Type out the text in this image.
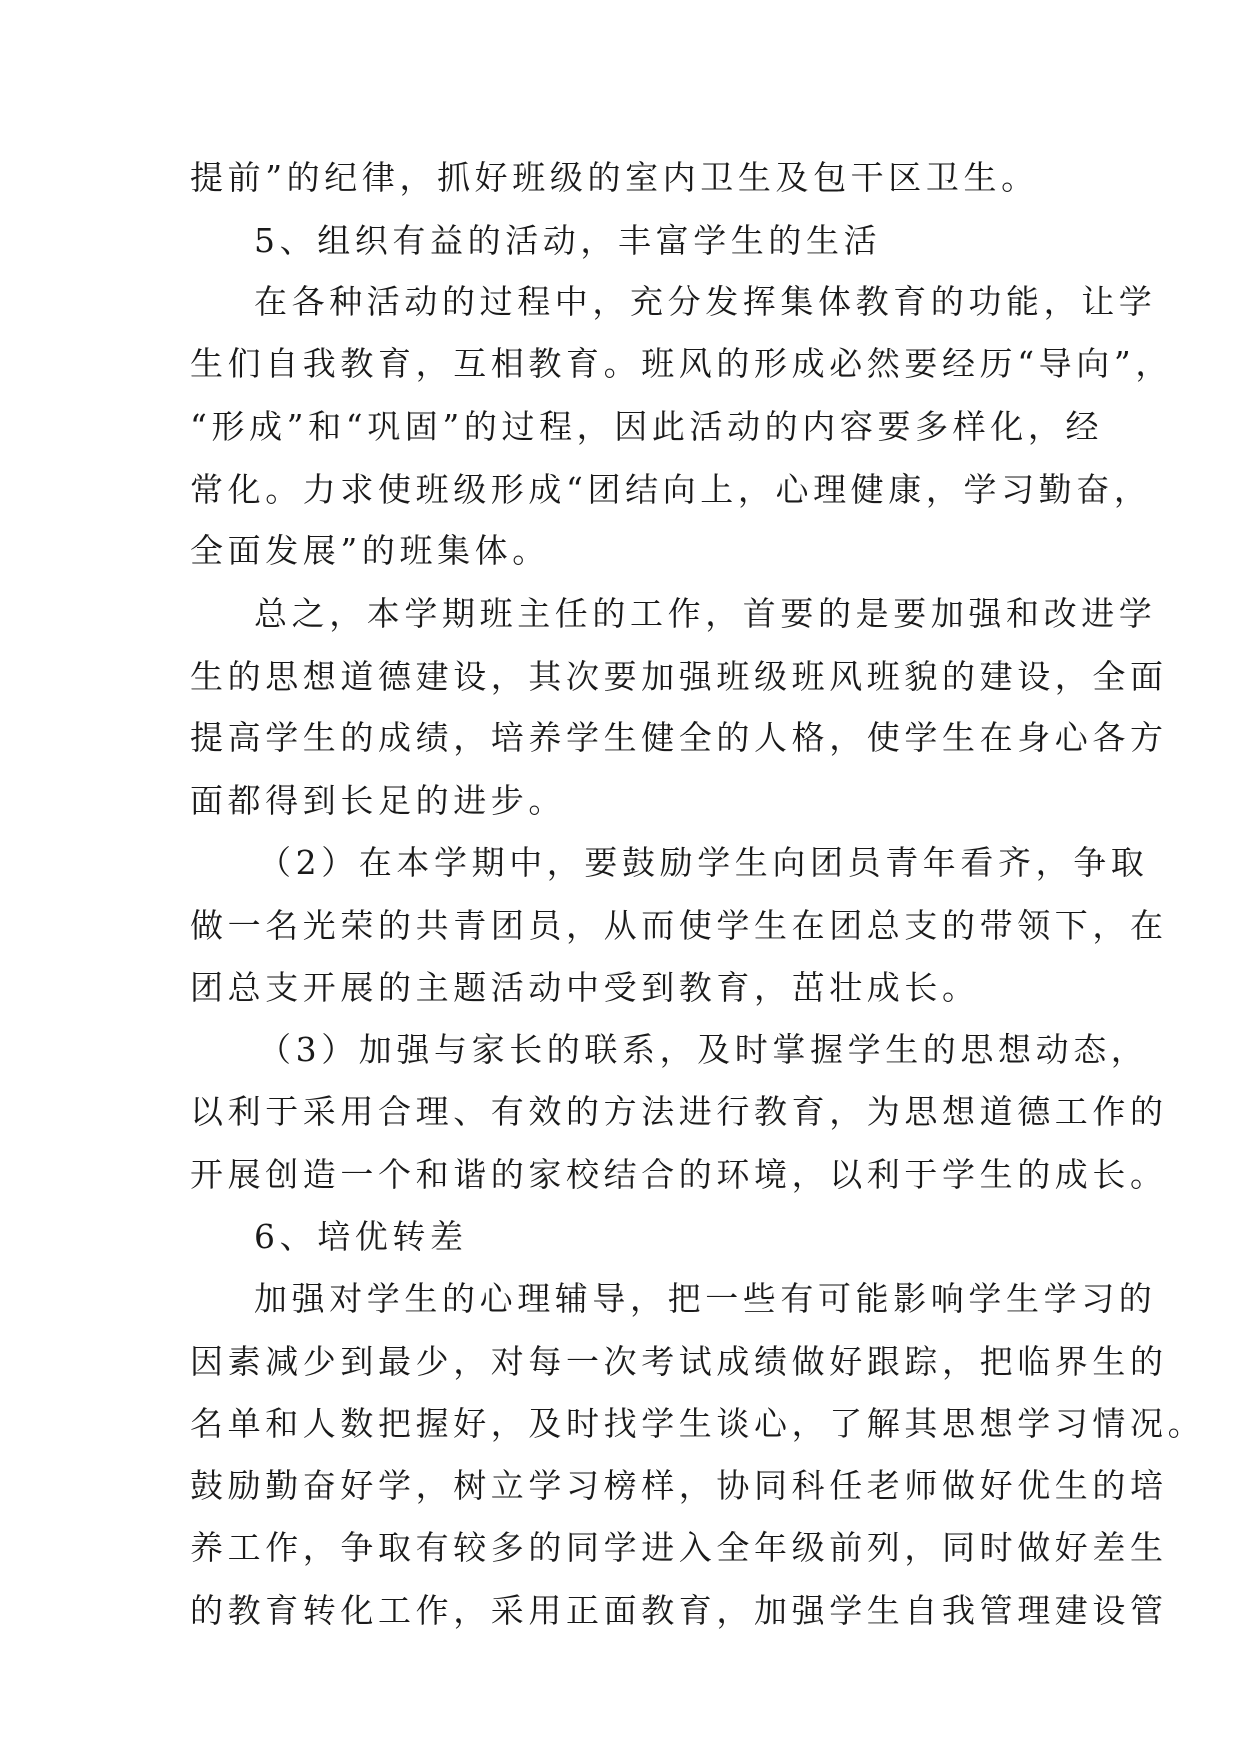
提前”的纪律，抓好班级的室内卫生及包干区卫生。
5、组织有益的活动，丰富学生的生活
在各种活动的过程中，充分发挥集体教育的功能，让学
生们自我教育，互相教育。班风的形成必然要经历“导向”，
“形成”和“巩固”的过程，因此活动的内容要多样化，经
常化。力求使班级形成“团结向上，心理健康，学习勤奋，
全面发展”的班集体。
总之，本学期班主任的工作，首要的是要加强和改进学
生的思想道德建设，其次要加强班级班风班貌的建设，全面
提高学生的成绩，培养学生健全的人格，使学生在身心各方
面都得到长足的进步。
（2）在本学期中，要鼓励学生向团员青年看齐，争取
做一名光荣的共青团员，从而使学生在团总支的带领下，在
团总支开展的主题活动中受到教育，茁壮成长。
（3）加强与家长的联系，及时掌握学生的思想动态，
以利于采用合理、有效的方法进行教育，为思想道德工作的
开展创造一个和谐的家校结合的环境，以利于学生的成长。
6、培优转差
加强对学生的心理辅导，把一些有可能影响学生学习的
因素减少到最少，对每一次考试成绩做好跟踪，把临界生的
名单和人数把握好，及时找学生谈心，了解其思想学习情况。
鼓励勤奋好学，树立学习榜样，协同科任老师做好优生的培
养工作，争取有较多的同学进入全年级前列，同时做好差生
的教育转化工作，采用正面教育，加强学生自我管理建设管
